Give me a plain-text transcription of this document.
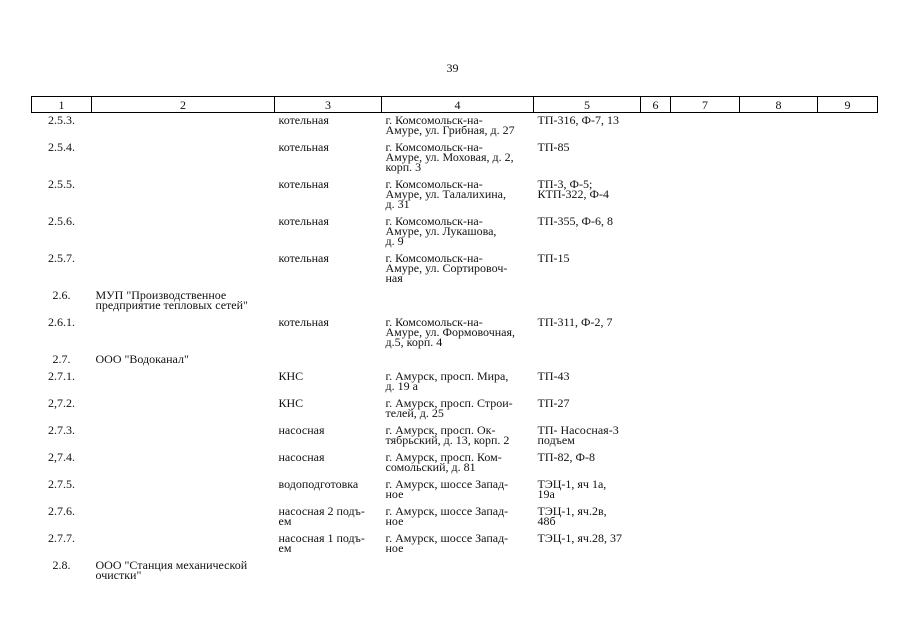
39
1	2	3	4	5	6	7	8	9
2.5.3.		котельная	г. Комсомольск-на-
Амуре, ул. Грибная, д. 27	ТП-316, Ф-7, 13				
2.5.4.		котельная	г. Комсомольск-на-
Амуре, ул. Моховая, д. 2,
корп. 3	ТП-85				
2.5.5.		котельная	г. Комсомольск-на-
Амуре, ул. Талалихина,
д. 31	ТП-3, Ф-5;
КТП-322, Ф-4				
2.5.6.		котельная	г. Комсомольск-на-
Амуре, ул. Лукашова,
д. 9	ТП-355, Ф-6, 8				
2.5.7.		котельная	г. Комсомольск-на-
Амуре, ул. Сортировоч-
ная	ТП-15				
2.6.	МУП "Производственное
предприятие тепловых сетей"							
2.6.1.		котельная	г. Комсомольск-на-
Амуре, ул. Формовочная,
д.5, корп. 4	ТП-311, Ф-2, 7				
2.7.	ООО "Водоканал"							
2.7.1.		КНС	г. Амурск, просп. Мира,
д. 19 а	ТП-43				
2,7.2.		КНС	г. Амурск, просп. Строи-
телей, д. 25	ТП-27				
2.7.3.		насосная	г. Амурск, просп. Ок-
тябрьский, д. 13, корп. 2	ТП- Насосная-3
подъем				
2,7.4.		насосная	г. Амурск, просп. Ком-
сомольский, д. 81	ТП-82, Ф-8				
2.7.5.		водоподготовка	г. Амурск, шоссе Запад-
ное	ТЭЦ-1, яч 1а,
19а				
2.7.6.		насосная 2 подъ-
ем	г. Амурск, шоссе Запад-
ное	ТЭЦ-1, яч.2в,
48б				
2.7.7.		насосная 1 подъ-
ем	г. Амурск, шоссе Запад-
ное	ТЭЦ-1, яч.28, 37				
2.8.	ООО "Станция механической
очистки"							
